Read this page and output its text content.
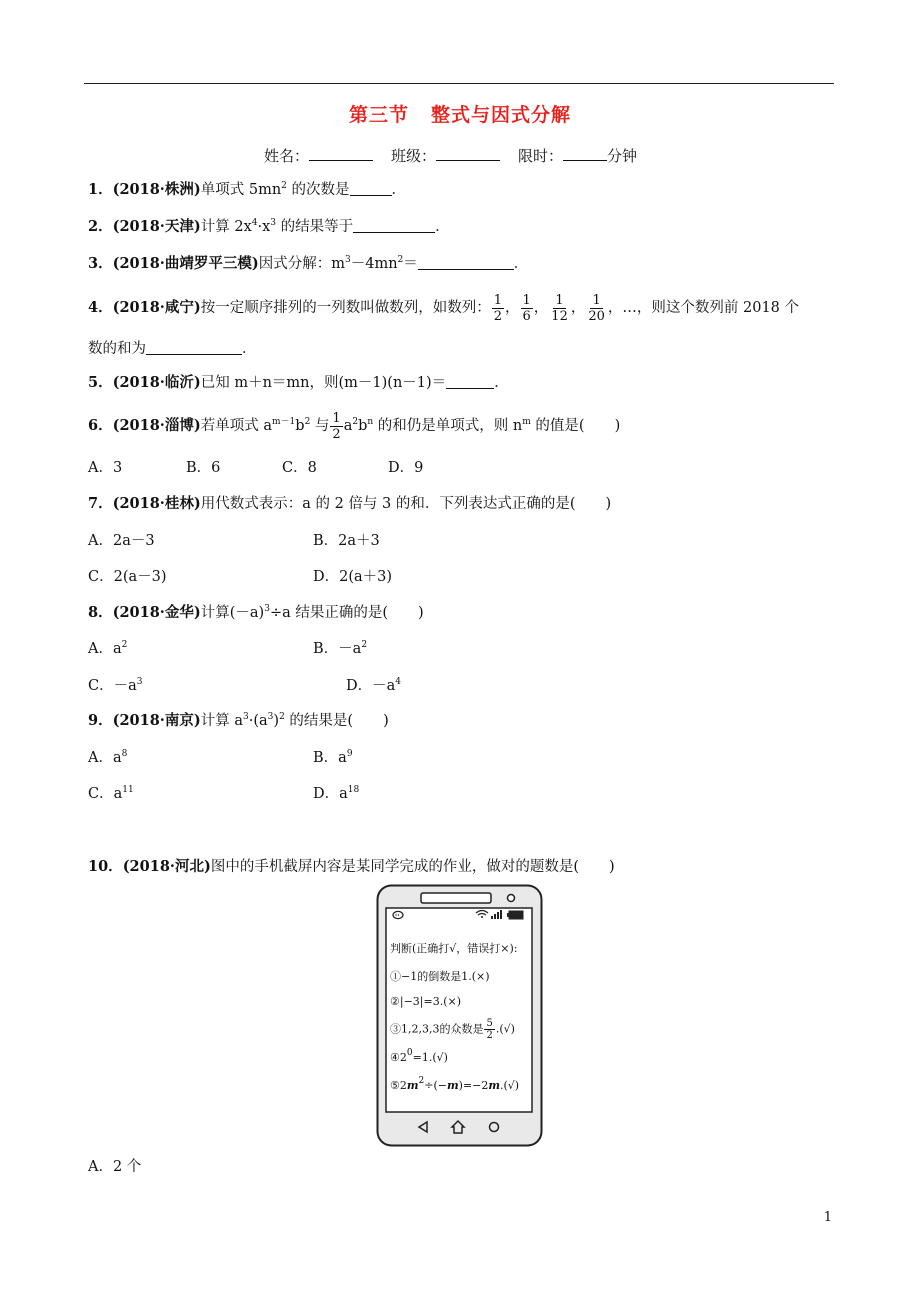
第三节 整式与因式分解
姓名：	班级：	限时：	分钟
1．(2018·株洲)单项式 $5mn^2$ 的次数是	．
2．(2018·天津)计算 $2x^4\cdot x^3$ 的结果等于	．
3．(2018·曲靖罗平三模)因式分解：$m^3-4mn^2=$	．
4．(2018·咸宁)按一定顺序排列的一列数叫做数列，如数列： $\frac{1}{2}$ ， $\frac{1}{6}$ ， $\frac{1}{12}$ ， $\frac{1}{20}$ ，…，则这个数列前 2018 个
数的和为	．
5．(2018·临沂)已知 m＋n＝mn，则(m－1)(n－1)＝	．
6．(2018·淄博)若单项式 $a^{m-1}b^2$ 与 $\frac{1}{2} a^2b^n$ 的和仍是单项式，则 $n^m$ 的值是( )
A．3	B．6	C．8	D．9
7．(2018·桂林)用代数式表示：a 的 2 倍与 3 的和．下列表达式正确的是( )
A．2a－3	B．2a＋3
C．2(a－3)	D．2(a＋3)
8．(2018·金华)计算$(-a)^3\div a$ 结果正确的是( )
A．$a^2$	B．$-a^2$
C．$-a^3$	D．$-a^4$
9．(2018·南京)计算 $a^3\cdot(a^3)^2$ 的结果是( )
A．$a^8$	B．$a^9$
C．$a^{11}$	D．$a^{18}$
10．(2018·河北)图中的手机截屏内容是某同学完成的作业，做对的题数是( )
判断(正确打√，错误打×):
①−1的倒数是1.(×)
②|−3|=3.(×)
③1,2,3,3的众数是 $\frac{5}{2}$ .(√)
$④2^0=1.(√)$
$⑤2m^2\div(-m)=-2m.(√)$
A．2 个
1
